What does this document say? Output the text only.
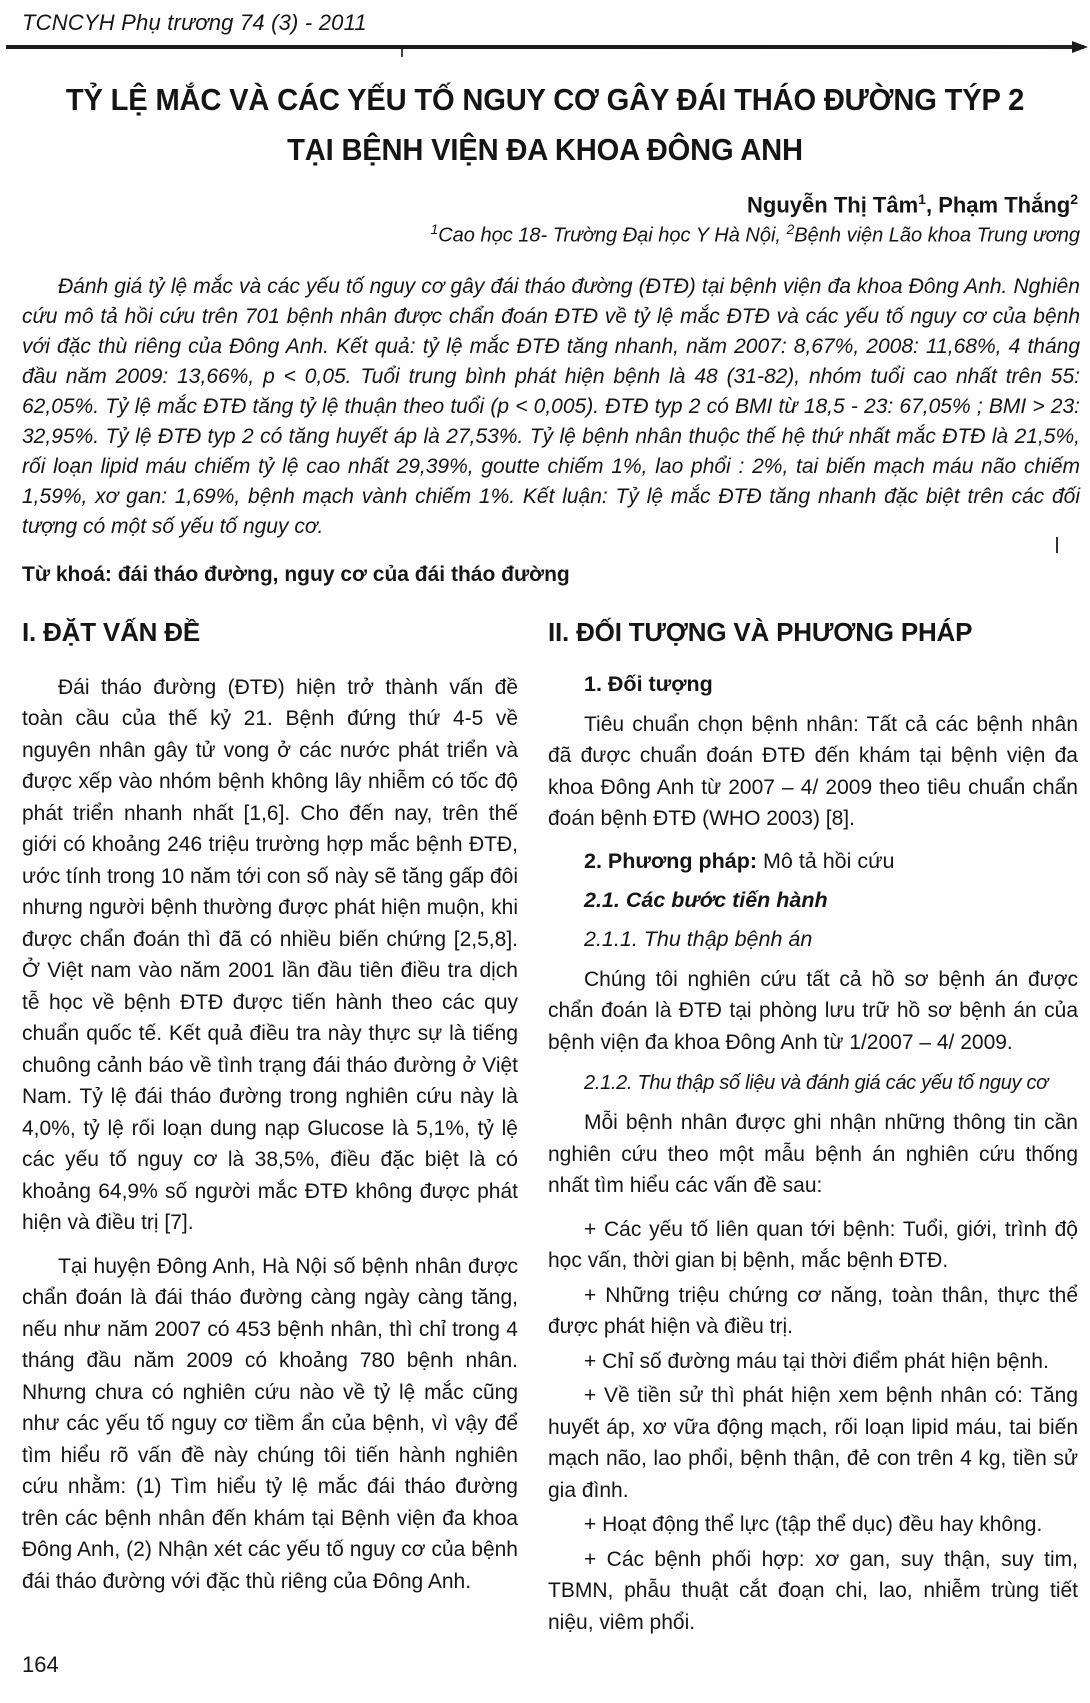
TCNCYH Phụ trương 74 (3) - 2011
TỶ LỆ MẮC VÀ CÁC YẾU TỐ NGUY CƠ GÂY ĐÁI THÁO ĐƯỜNG TÝP 2
TẠI BỆNH VIỆN ĐA KHOA ĐÔNG ANH
Nguyễn Thị Tâm$^1$, Phạm Thắng$^2$
$^1$Cao học 18- Trường Đại học Y Hà Nội, $^2$Bệnh viện Lão khoa Trung ương
Đánh giá tỷ lệ mắc và các yếu tố nguy cơ gây đái tháo đường (ĐTĐ) tại bệnh viện đa khoa Đông Anh. Nghiên cứu mô tả hồi cứu trên 701 bệnh nhân được chẩn đoán ĐTĐ về tỷ lệ mắc ĐTĐ và các yếu tố nguy cơ của bệnh với đặc thù riêng của Đông Anh. Kết quả: tỷ lệ mắc ĐTĐ tăng nhanh, năm 2007: 8,67%, 2008: 11,68%, 4 tháng đầu năm 2009: 13,66%, p < 0,05. Tuổi trung bình phát hiện bệnh là 48 (31-82), nhóm tuổi cao nhất trên 55: 62,05%. Tỷ lệ mắc ĐTĐ tăng tỷ lệ thuận theo tuổi (p < 0,005). ĐTĐ typ 2 có BMI từ 18,5 - 23: 67,05% ; BMI > 23: 32,95%. Tỷ lệ ĐTĐ typ 2 có tăng huyết áp là 27,53%. Tỷ lệ bệnh nhân thuộc thế hệ thứ nhất mắc ĐTĐ là 21,5%, rối loạn lipid máu chiếm tỷ lệ cao nhất 29,39%, goutte chiếm 1%, lao phổi : 2%, tai biến mạch máu não chiếm 1,59%, xơ gan: 1,69%, bệnh mạch vành chiếm 1%. Kết luận: Tỷ lệ mắc ĐTĐ tăng nhanh đặc biệt trên các đối tượng có một số yếu tố nguy cơ.
Từ khoá: đái tháo đường, nguy cơ của đái tháo đường
I. ĐẶT VẤN ĐỀ

Đái tháo đường (ĐTĐ) hiện trở thành vấn đề toàn cầu của thế kỷ 21. Bệnh đứng thứ 4-5 về nguyên nhân gây tử vong ở các nước phát triển và được xếp vào nhóm bệnh không lây nhiễm có tốc độ phát triển nhanh nhất [1,6]. Cho đến nay, trên thế giới có khoảng 246 triệu trường hợp mắc bệnh ĐTĐ, ước tính trong 10 năm tới con số này sẽ tăng gấp đôi nhưng người bệnh thường được phát hiện muộn, khi được chẩn đoán thì đã có nhiều biến chứng [2,5,8]. Ở Việt nam vào năm 2001 lần đầu tiên điều tra dịch tễ học về bệnh ĐTĐ được tiến hành theo các quy chuẩn quốc tế. Kết quả điều tra này thực sự là tiếng chuông cảnh báo về tình trạng đái tháo đường ở Việt Nam. Tỷ lệ đái tháo đường trong nghiên cứu này là 4,0%, tỷ lệ rối loạn dung nạp Glucose là 5,1%, tỷ lệ các yếu tố nguy cơ là 38,5%, điều đặc biệt là có khoảng 64,9% số người mắc ĐTĐ không được phát hiện và điều trị [7].

Tại huyện Đông Anh, Hà Nội số bệnh nhân được chẩn đoán là đái tháo đường càng ngày càng tăng, nếu như năm 2007 có 453 bệnh nhân, thì chỉ trong 4 tháng đầu năm 2009 có khoảng 780 bệnh nhân. Nhưng chưa có nghiên cứu nào về tỷ lệ mắc cũng như các yếu tố nguy cơ tiềm ẩn của bệnh, vì vậy để tìm hiểu rõ vấn đề này chúng tôi tiến hành nghiên cứu nhằm: (1) Tìm hiểu tỷ lệ mắc đái tháo đường trên các bệnh nhân đến khám tại Bệnh viện đa khoa Đông Anh, (2) Nhận xét các yếu tố nguy cơ của bệnh đái tháo đường với đặc thù riêng của Đông Anh.

II. ĐỐI TƯỢNG VÀ PHƯƠNG PHÁP
1. Đối tượng

Tiêu chuẩn chọn bệnh nhân: Tất cả các bệnh nhân đã được chuẩn đoán ĐTĐ đến khám tại bệnh viện đa khoa Đông Anh từ 2007 – 4/ 2009 theo tiêu chuẩn chẩn đoán bệnh ĐTĐ (WHO 2003) [8].

2. Phương pháp: Mô tả hồi cứu
2.1. Các bước tiến hành
2.1.1. Thu thập bệnh án

Chúng tôi nghiên cứu tất cả hồ sơ bệnh án được chẩn đoán là ĐTĐ tại phòng lưu trữ hồ sơ bệnh án của bệnh viện đa khoa Đông Anh từ 1/2007 – 4/ 2009.

2.1.2. Thu thập số liệu và đánh giá các yếu tố nguy cơ

Mỗi bệnh nhân được ghi nhận những thông tin cần nghiên cứu theo một mẫu bệnh án nghiên cứu thống nhất tìm hiểu các vấn đề sau:

+ Các yếu tố liên quan tới bệnh: Tuổi, giới, trình độ học vấn, thời gian bị bệnh, mắc bệnh ĐTĐ.

+ Những triệu chứng cơ năng, toàn thân, thực thể được phát hiện và điều trị.

+ Chỉ số đường máu tại thời điểm phát hiện bệnh.

+ Về tiền sử thì phát hiện xem bệnh nhân có: Tăng huyết áp, xơ vữa động mạch, rối loạn lipid máu, tai biến mạch não, lao phổi, bệnh thận, đẻ con trên 4 kg, tiền sử gia đình.

+ Hoạt động thể lực (tập thể dục) đều hay không.

+ Các bệnh phối hợp: xơ gan, suy thận, suy tim, TBMN, phẫu thuật cắt đoạn chi, lao, nhiễm trùng tiết niệu, viêm phổi.

164
